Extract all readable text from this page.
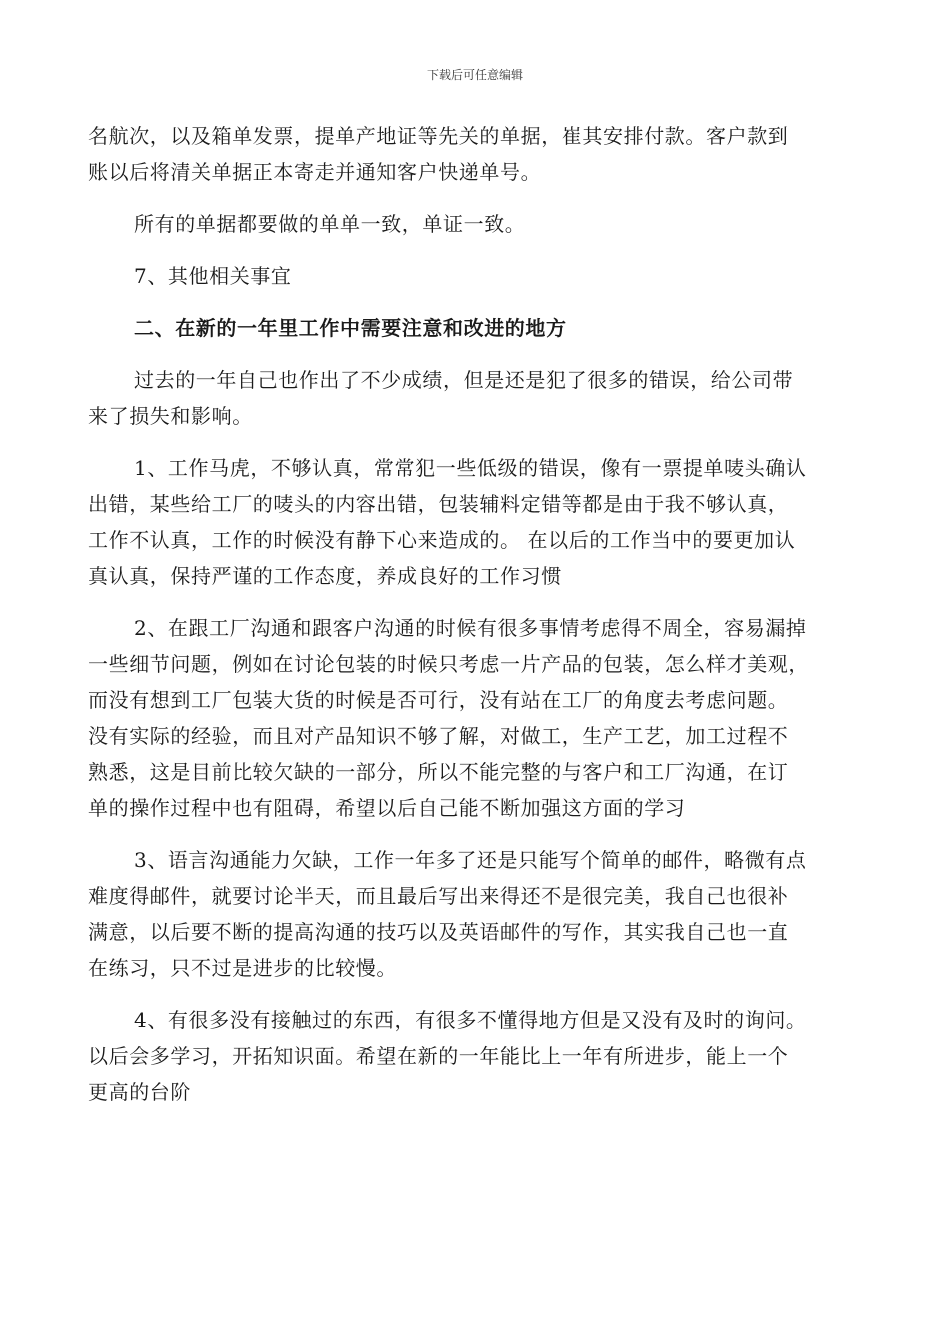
下载后可任意编辑
名航次，以及箱单发票，提单产地证等先关的单据，崔其安排付款。客户款到
账以后将清关单据正本寄走并通知客户快递单号。
所有的单据都要做的单单一致，单证一致。
7、其他相关事宜
二、在新的一年里工作中需要注意和改进的地方
过去的一年自己也作出了不少成绩，但是还是犯了很多的错误，给公司带
来了损失和影响。
1、工作马虎，不够认真，常常犯一些低级的错误，像有一票提单唛头确认
出错，某些给工厂的唛头的内容出错，包装辅料定错等都是由于我不够认真，
工作不认真，工作的时候没有静下心来造成的。 在以后的工作当中的要更加认
真认真，保持严谨的工作态度，养成良好的工作习惯
2、在跟工厂沟通和跟客户沟通的时候有很多事情考虑得不周全，容易漏掉
一些细节问题，例如在讨论包装的时候只考虑一片产品的包装，怎么样才美观，
而没有想到工厂包装大货的时候是否可行，没有站在工厂的角度去考虑问题。
没有实际的经验，而且对产品知识不够了解，对做工，生产工艺，加工过程不
熟悉，这是目前比较欠缺的一部分，所以不能完整的与客户和工厂沟通，在订
单的操作过程中也有阻碍，希望以后自己能不断加强这方面的学习
3、语言沟通能力欠缺，工作一年多了还是只能写个简单的邮件，略微有点
难度得邮件，就要讨论半天，而且最后写出来得还不是很完美，我自己也很补
满意，以后要不断的提高沟通的技巧以及英语邮件的写作，其实我自己也一直
在练习，只不过是进步的比较慢。
4、有很多没有接触过的东西，有很多不懂得地方但是又没有及时的询问。
以后会多学习，开拓知识面。希望在新的一年能比上一年有所进步，能上一个
更高的台阶
